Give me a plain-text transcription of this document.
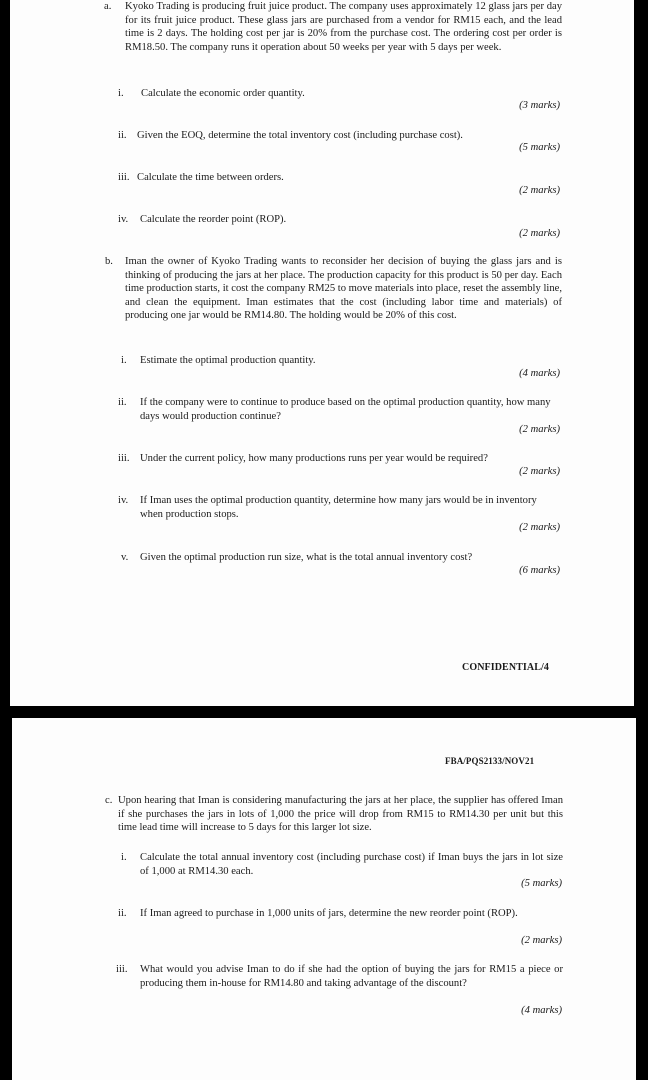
a. Kyoko Trading is producing fruit juice product. The company uses approximately 12 glass jars per day for its fruit juice product. These glass jars are purchased from a vendor for RM15 each, and the lead time is 2 days. The holding cost per jar is 20% from the purchase cost. The ordering cost per order is RM18.50. The company runs it operation about 50 weeks per year with 5 days per week.
i. Calculate the economic order quantity.
(3 marks)
ii. Given the EOQ, determine the total inventory cost (including purchase cost).
(5 marks)
iii. Calculate the time between orders.
(2 marks)
iv. Calculate the reorder point (ROP).
(2 marks)
b. Iman the owner of Kyoko Trading wants to reconsider her decision of buying the glass jars and is thinking of producing the jars at her place. The production capacity for this product is 50 per day. Each time production starts, it cost the company RM25 to move materials into place, reset the assembly line, and clean the equipment. Iman estimates that the cost (including labor time and materials) of producing one jar would be RM14.80. The holding would be 20% of this cost.
i. Estimate the optimal production quantity.
(4 marks)
ii. If the company were to continue to produce based on the optimal production quantity, how many days would production continue?
(2 marks)
iii. Under the current policy, how many productions runs per year would be required?
(2 marks)
iv. If Iman uses the optimal production quantity, determine how many jars would be in inventory when production stops.
(2 marks)
v. Given the optimal production run size, what is the total annual inventory cost?
(6 marks)
CONFIDENTIAL/4
FBA/PQS2133/NOV21
c. Upon hearing that Iman is considering manufacturing the jars at her place, the supplier has offered Iman if she purchases the jars in lots of 1,000 the price will drop from RM15 to RM14.30 per unit but this time lead time will increase to 5 days for this larger lot size.
i. Calculate the total annual inventory cost (including purchase cost) if Iman buys the jars in lot size of 1,000 at RM14.30 each.
(5 marks)
ii. If Iman agreed to purchase in 1,000 units of jars, determine the new reorder point (ROP).
(2 marks)
iii. What would you advise Iman to do if she had the option of buying the jars for RM15 a piece or producing them in-house for RM14.80 and taking advantage of the discount?
(4 marks)
